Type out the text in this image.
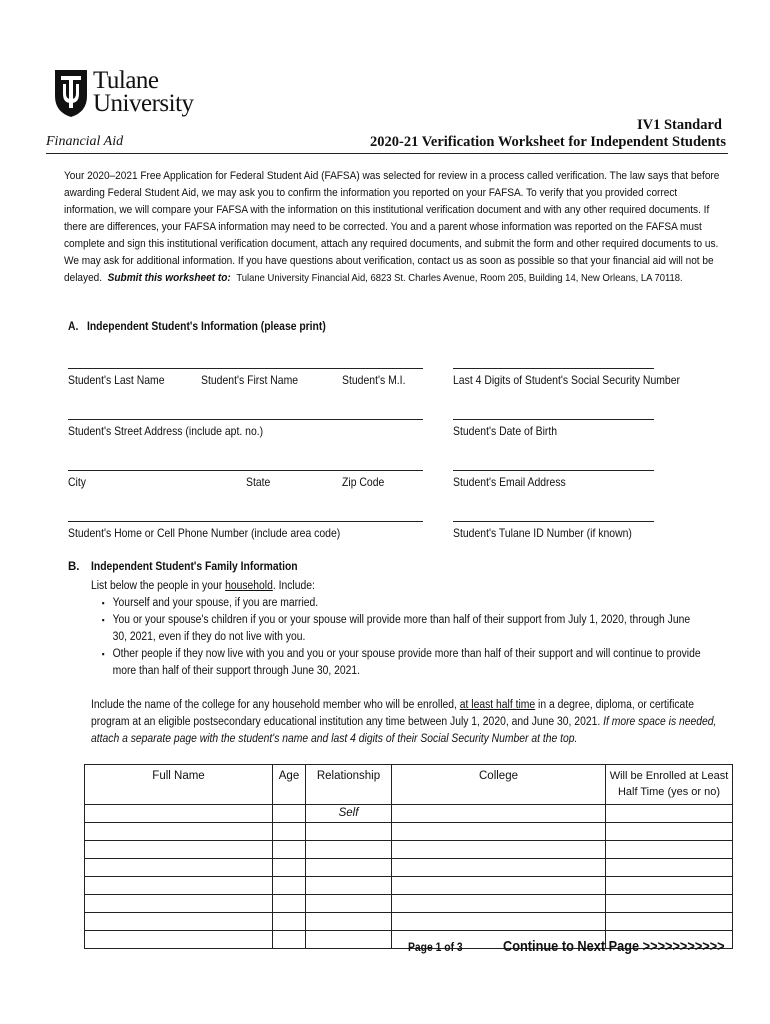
Tulane
University
Financial Aid
IV1 Standard
2020-21 Verification Worksheet for Independent Students

Your 2020–2021 Free Application for Federal Student Aid (FAFSA) was selected for review in a process called verification. The law says that before

awarding Federal Student Aid, we may ask you to confirm the information you reported on your FAFSA. To verify that you provided correct

information, we will compare your FAFSA with the information on this institutional verification document and with any other required documents. If

there are differences, your FAFSA information may need to be corrected. You and a parent whose information was reported on the FAFSA must

complete and sign this institutional verification document, attach any required documents, and submit the form and other required documents to us.

We may ask for additional information. If you have questions about verification, contact us as soon as possible so that your financial aid will not be

delayed. Submit this worksheet to: Tulane University Financial Aid, 6823 St. Charles Avenue, Room 205, Building 14, New Orleans, LA 70118.

A.   Independent Student's Information (please print)
Student's Last Name	Student's First Name	Student's M.I.	Last 4 Digits of Student's Social Security Number
Student's Street Address (include apt. no.)	Student's Date of Birth
City	State	Zip Code	Student's Email Address
Student's Home or Cell Phone Number (include area code)	Student's Tulane ID Number (if known)
B. Independent Student's Family Information
List below the people in your household. Include:
▪ Yourself and your spouse, if you are married.
▪ You or your spouse's children if you or your spouse will provide more than half of their support from July 1, 2020, through June 30, 2021, even if they do not live with you.
▪ Other people if they now live with you and you or your spouse provide more than half of their support and will continue to provide more than half of their support through June 30, 2021.
Include the name of the college for any household member who will be enrolled, at least half time in a degree, diploma, or certificate program at an eligible postsecondary educational institution any time between July 1, 2020, and June 30, 2021. If more space is needed, attach a separate page with the student's name and last 4 digits of their Social Security Number at the top.
Full Name	Age	Relationship	College	Will be Enrolled at Least Half Time (yes or no)
		Self		

Page 1 of 3	Continue to Next Page >>>>>>>>>>>
